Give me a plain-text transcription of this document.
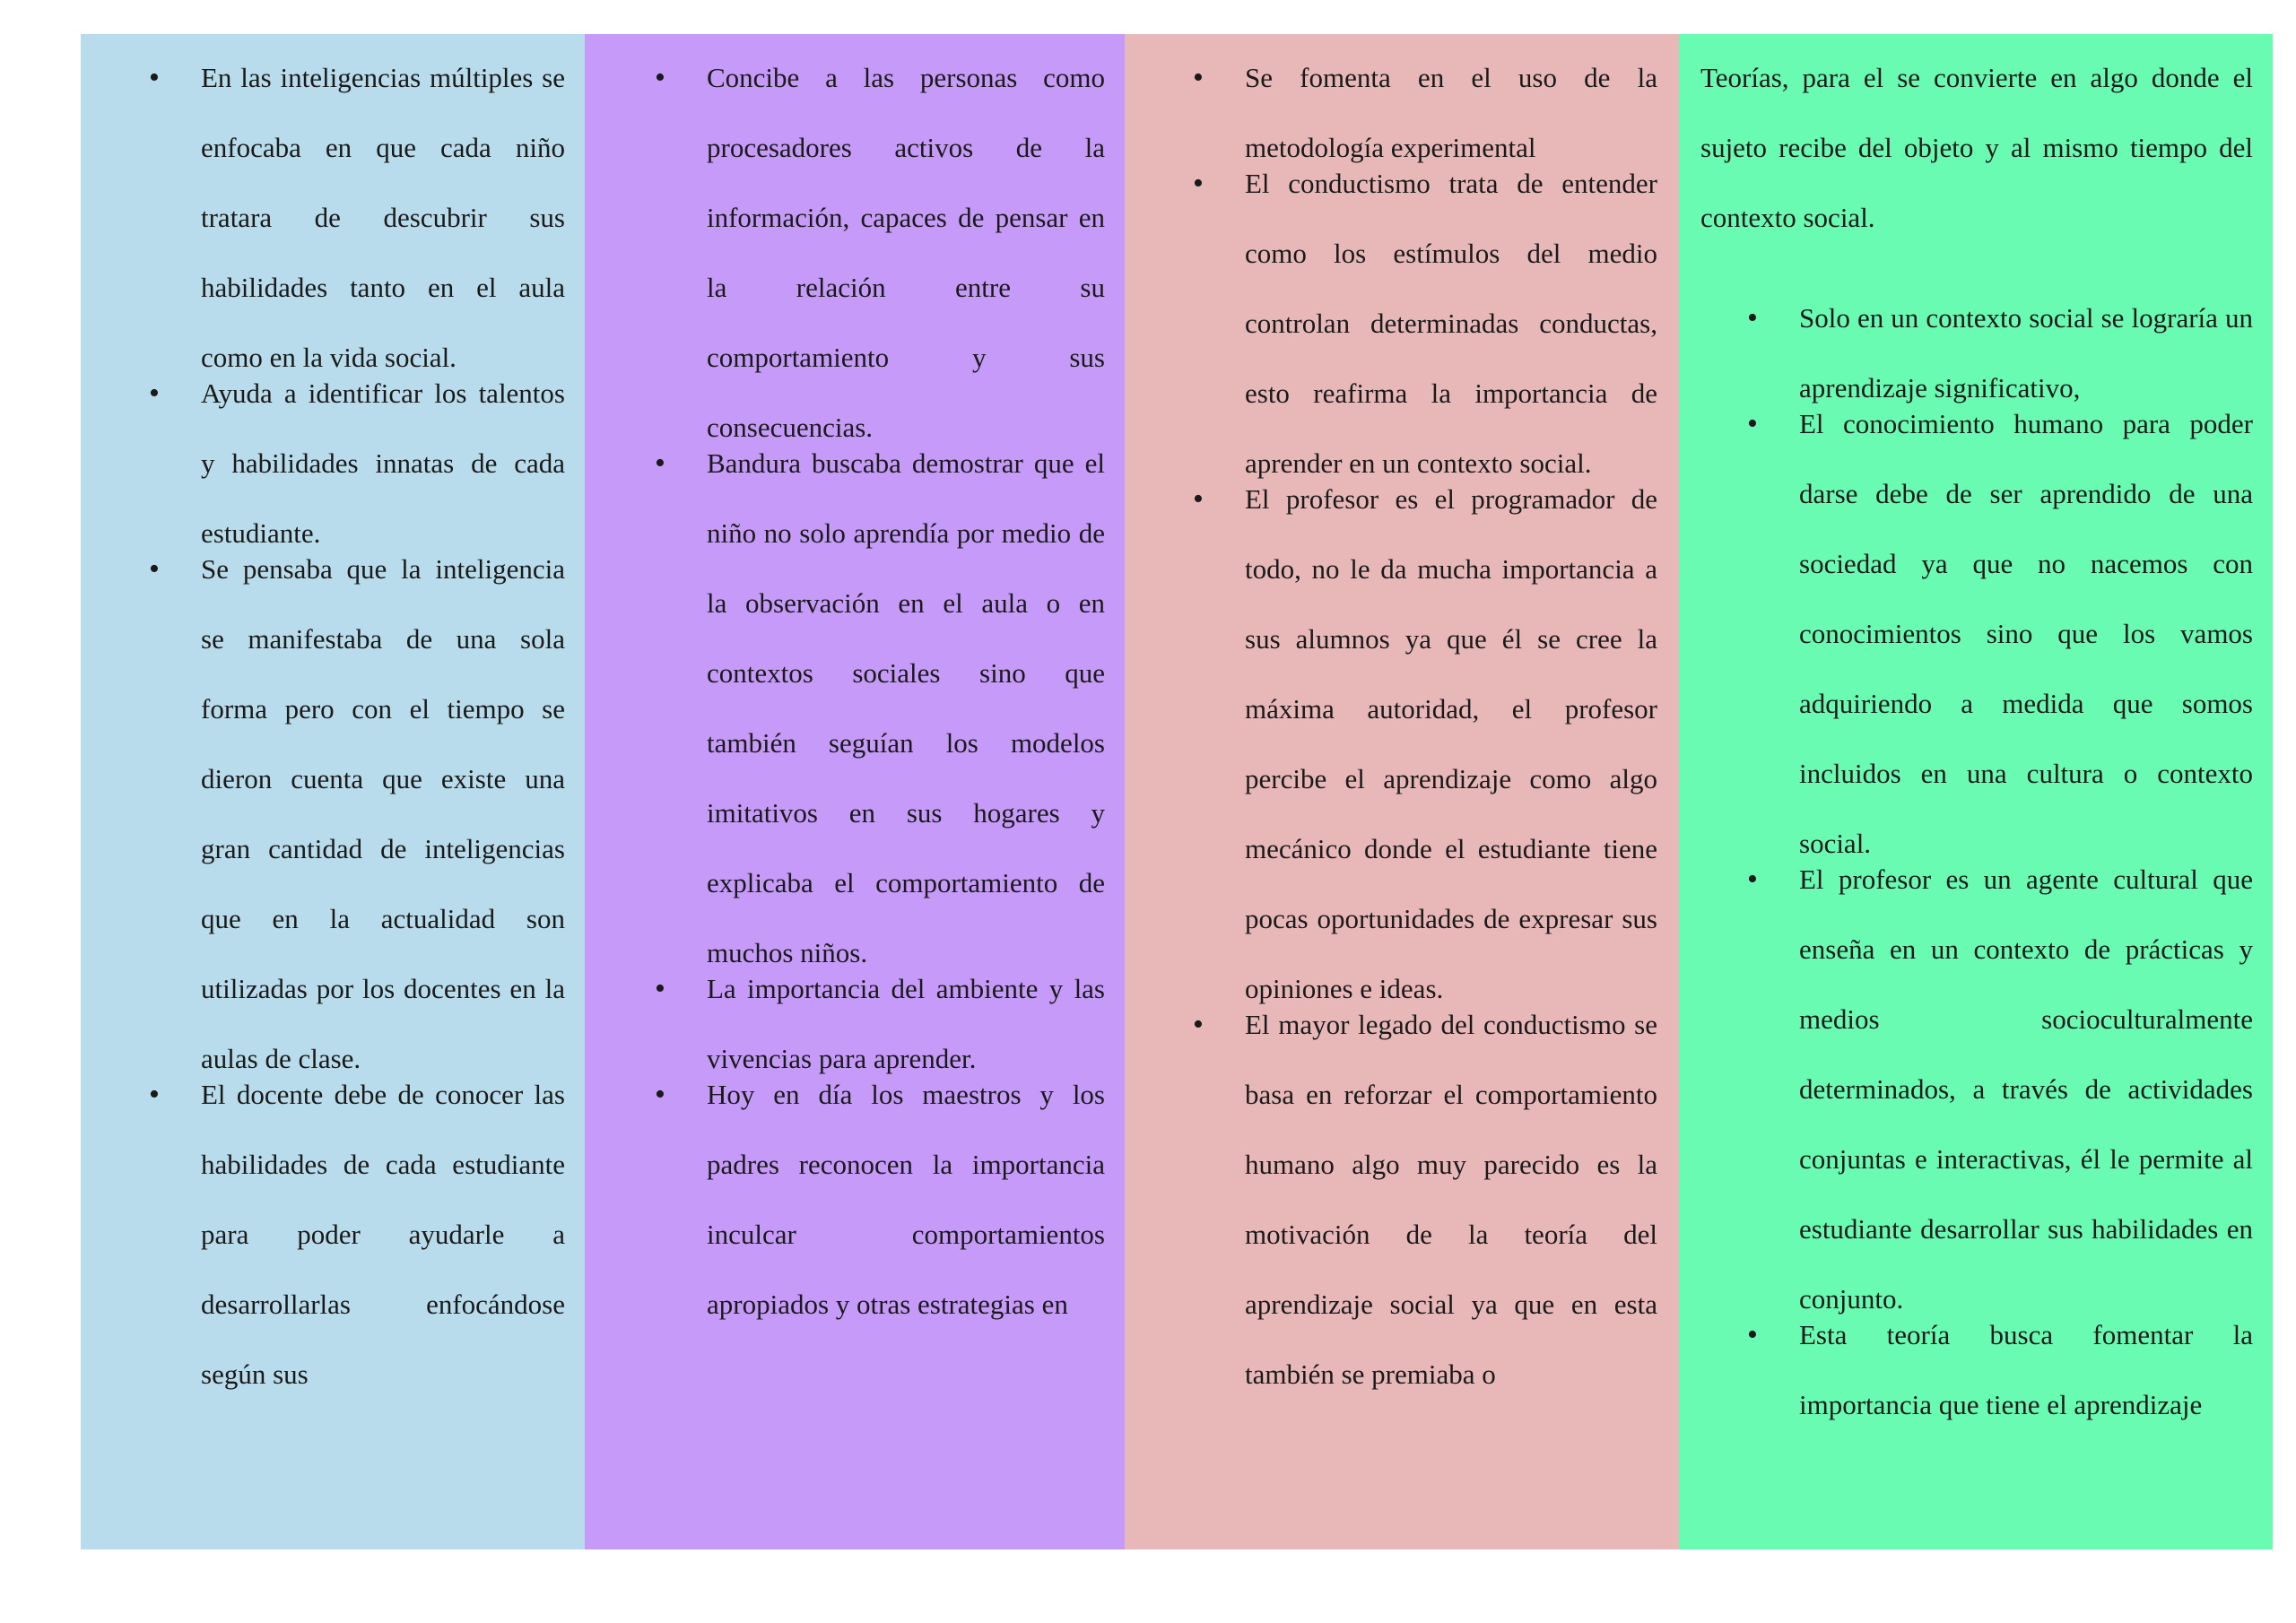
• En las inteligencias múltiples se enfocaba en que cada niño tratara de descubrir sus habilidades tanto en el aula como en la vida social.
• Ayuda a identificar los talentos y habilidades innatas de cada estudiante.
• Se pensaba que la inteligencia se manifestaba de una sola forma pero con el tiempo se dieron cuenta que existe una gran cantidad de inteligencias que en la actualidad son utilizadas por los docentes en la aulas de clase.
• El docente debe de conocer las habilidades de cada estudiante para poder ayudarle a desarrollarlas enfocándose según sus
• Concibe a las personas como procesadores activos de la información, capaces de pensar en la relación entre su comportamiento y sus consecuencias.
• Bandura buscaba demostrar que el niño no solo aprendía por medio de la observación en el aula o en contextos sociales sino que también seguían los modelos imitativos en sus hogares y explicaba el comportamiento de muchos niños.
• La importancia del ambiente y las vivencias para aprender.
• Hoy en día los maestros y los padres reconocen la importancia inculcar comportamientos apropiados y otras estrategias en
• Se fomenta en el uso de la metodología experimental
• El conductismo trata de entender como los estímulos del medio controlan determinadas conductas, esto reafirma la importancia de aprender en un contexto social.
• El profesor es el programador de todo, no le da mucha importancia a sus alumnos ya que él se cree la máxima autoridad, el profesor percibe el aprendizaje como algo mecánico donde el estudiante tiene pocas oportunidades de expresar sus opiniones e ideas.
• El mayor legado del conductismo se basa en reforzar el comportamiento humano algo muy parecido es la motivación de la teoría del aprendizaje social ya que en esta también se premiaba o

Teorías, para el se convierte en algo donde el sujeto recibe del objeto y al mismo tiempo del contexto social.

• Solo en un contexto social se lograría un aprendizaje significativo,
• El conocimiento humano para poder darse debe de ser aprendido de una sociedad ya que no nacemos con conocimientos sino que los vamos adquiriendo a medida que somos incluidos en una cultura o contexto social.
• El profesor es un agente cultural que enseña en un contexto de prácticas y medios socioculturalmente determinados, a través de actividades conjuntas e interactivas, él le permite al estudiante desarrollar sus habilidades en conjunto.
• Esta teoría busca fomentar la importancia que tiene el aprendizaje
